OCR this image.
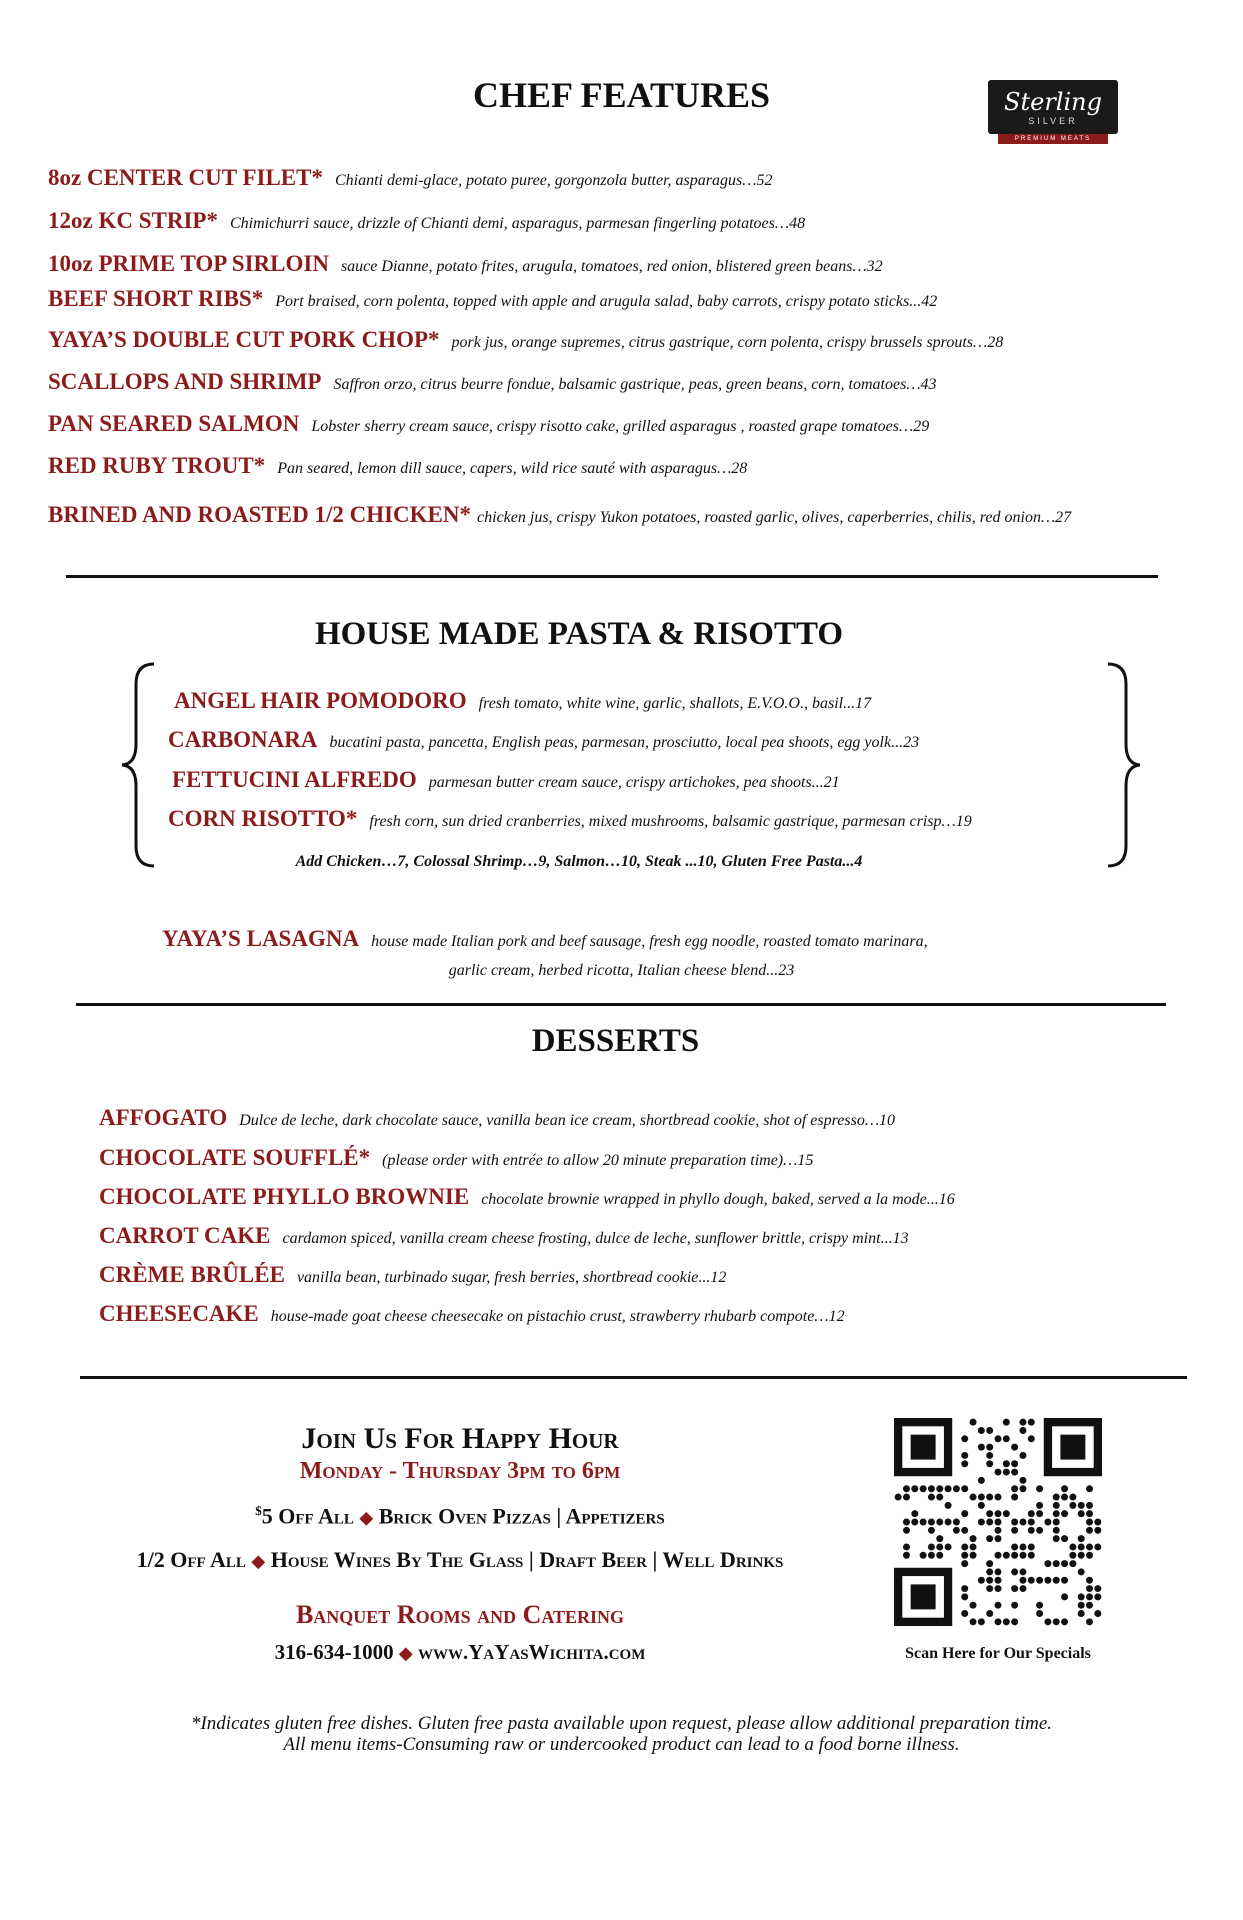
CHEF FEATURES	Sterling
SILVER
PREMIUM MEATS
8oz CENTER CUT FILET* Chianti demi-glace, potato puree, gorgonzola butter, asparagus…52
12oz KC STRIP* Chimichurri sauce, drizzle of Chianti demi, asparagus, parmesan fingerling potatoes…48
10oz PRIME TOP SIRLOIN sauce Dianne, potato frites, arugula, tomatoes, red onion, blistered green beans…32
BEEF SHORT RIBS* Port braised, corn polenta, topped with apple and arugula salad, baby carrots, crispy potato sticks...42
YAYA’S DOUBLE CUT PORK CHOP* pork jus, orange supremes, citrus gastrique, corn polenta, crispy brussels sprouts…28
SCALLOPS AND SHRIMP Saffron orzo, citrus beurre fondue, balsamic gastrique, peas, green beans, corn, tomatoes…43
PAN SEARED SALMON Lobster sherry cream sauce, crispy risotto cake, grilled asparagus , roasted grape tomatoes…29
RED RUBY TROUT* Pan seared, lemon dill sauce, capers, wild rice sauté with asparagus…28
BRINED AND ROASTED 1/2 CHICKEN* chicken jus, crispy Yukon potatoes, roasted garlic, olives, caperberries, chilis, red onion…27
HOUSE MADE PASTA & RISOTTO
ANGEL HAIR POMODORO fresh tomato, white wine, garlic, shallots, E.V.O.O., basil...17
CARBONARA bucatini pasta, pancetta, English peas, parmesan, prosciutto, local pea shoots, egg yolk...23
FETTUCINI ALFREDO parmesan butter cream sauce, crispy artichokes, pea shoots...21
CORN RISOTTO* fresh corn, sun dried cranberries, mixed mushrooms, balsamic gastrique, parmesan crisp…19
Add Chicken…7, Colossal Shrimp…9, Salmon…10, Steak ...10, Gluten Free Pasta...4
YAYA’S LASAGNA house made Italian pork and beef sausage, fresh egg noodle, roasted tomato marinara,
garlic cream, herbed ricotta, Italian cheese blend...23
DESSERTS
AFFOGATO Dulce de leche, dark chocolate sauce, vanilla bean ice cream, shortbread cookie, shot of espresso…10
CHOCOLATE SOUFFLÉ* (please order with entrée to allow 20 minute preparation time)…15
CHOCOLATE PHYLLO BROWNIE chocolate brownie wrapped in phyllo dough, baked, served a la mode...16
CARROT CAKE cardamon spiced, vanilla cream cheese frosting, dulce de leche, sunflower brittle, crispy mint...13
CRÈME BRÛLÉE vanilla bean, turbinado sugar, fresh berries, shortbread cookie...12
CHEESECAKE house-made goat cheese cheesecake on pistachio crust, strawberry rhubarb compote…12
Join Us For Happy Hour
Monday - Thursday 3pm to 6pm
$5 Off All ◆ Brick Oven Pizzas | Appetizers
1/2 Off All ◆ House Wines By The Glass | Draft Beer | Well Drinks
Banquet Rooms and Catering
316-634-1000 ◆ www.YaYasWichita.com	Scan Here for Our Specials
*Indicates gluten free dishes. Gluten free pasta available upon request, please allow additional preparation time.
All menu items-Consuming raw or undercooked product can lead to a food borne illness.
